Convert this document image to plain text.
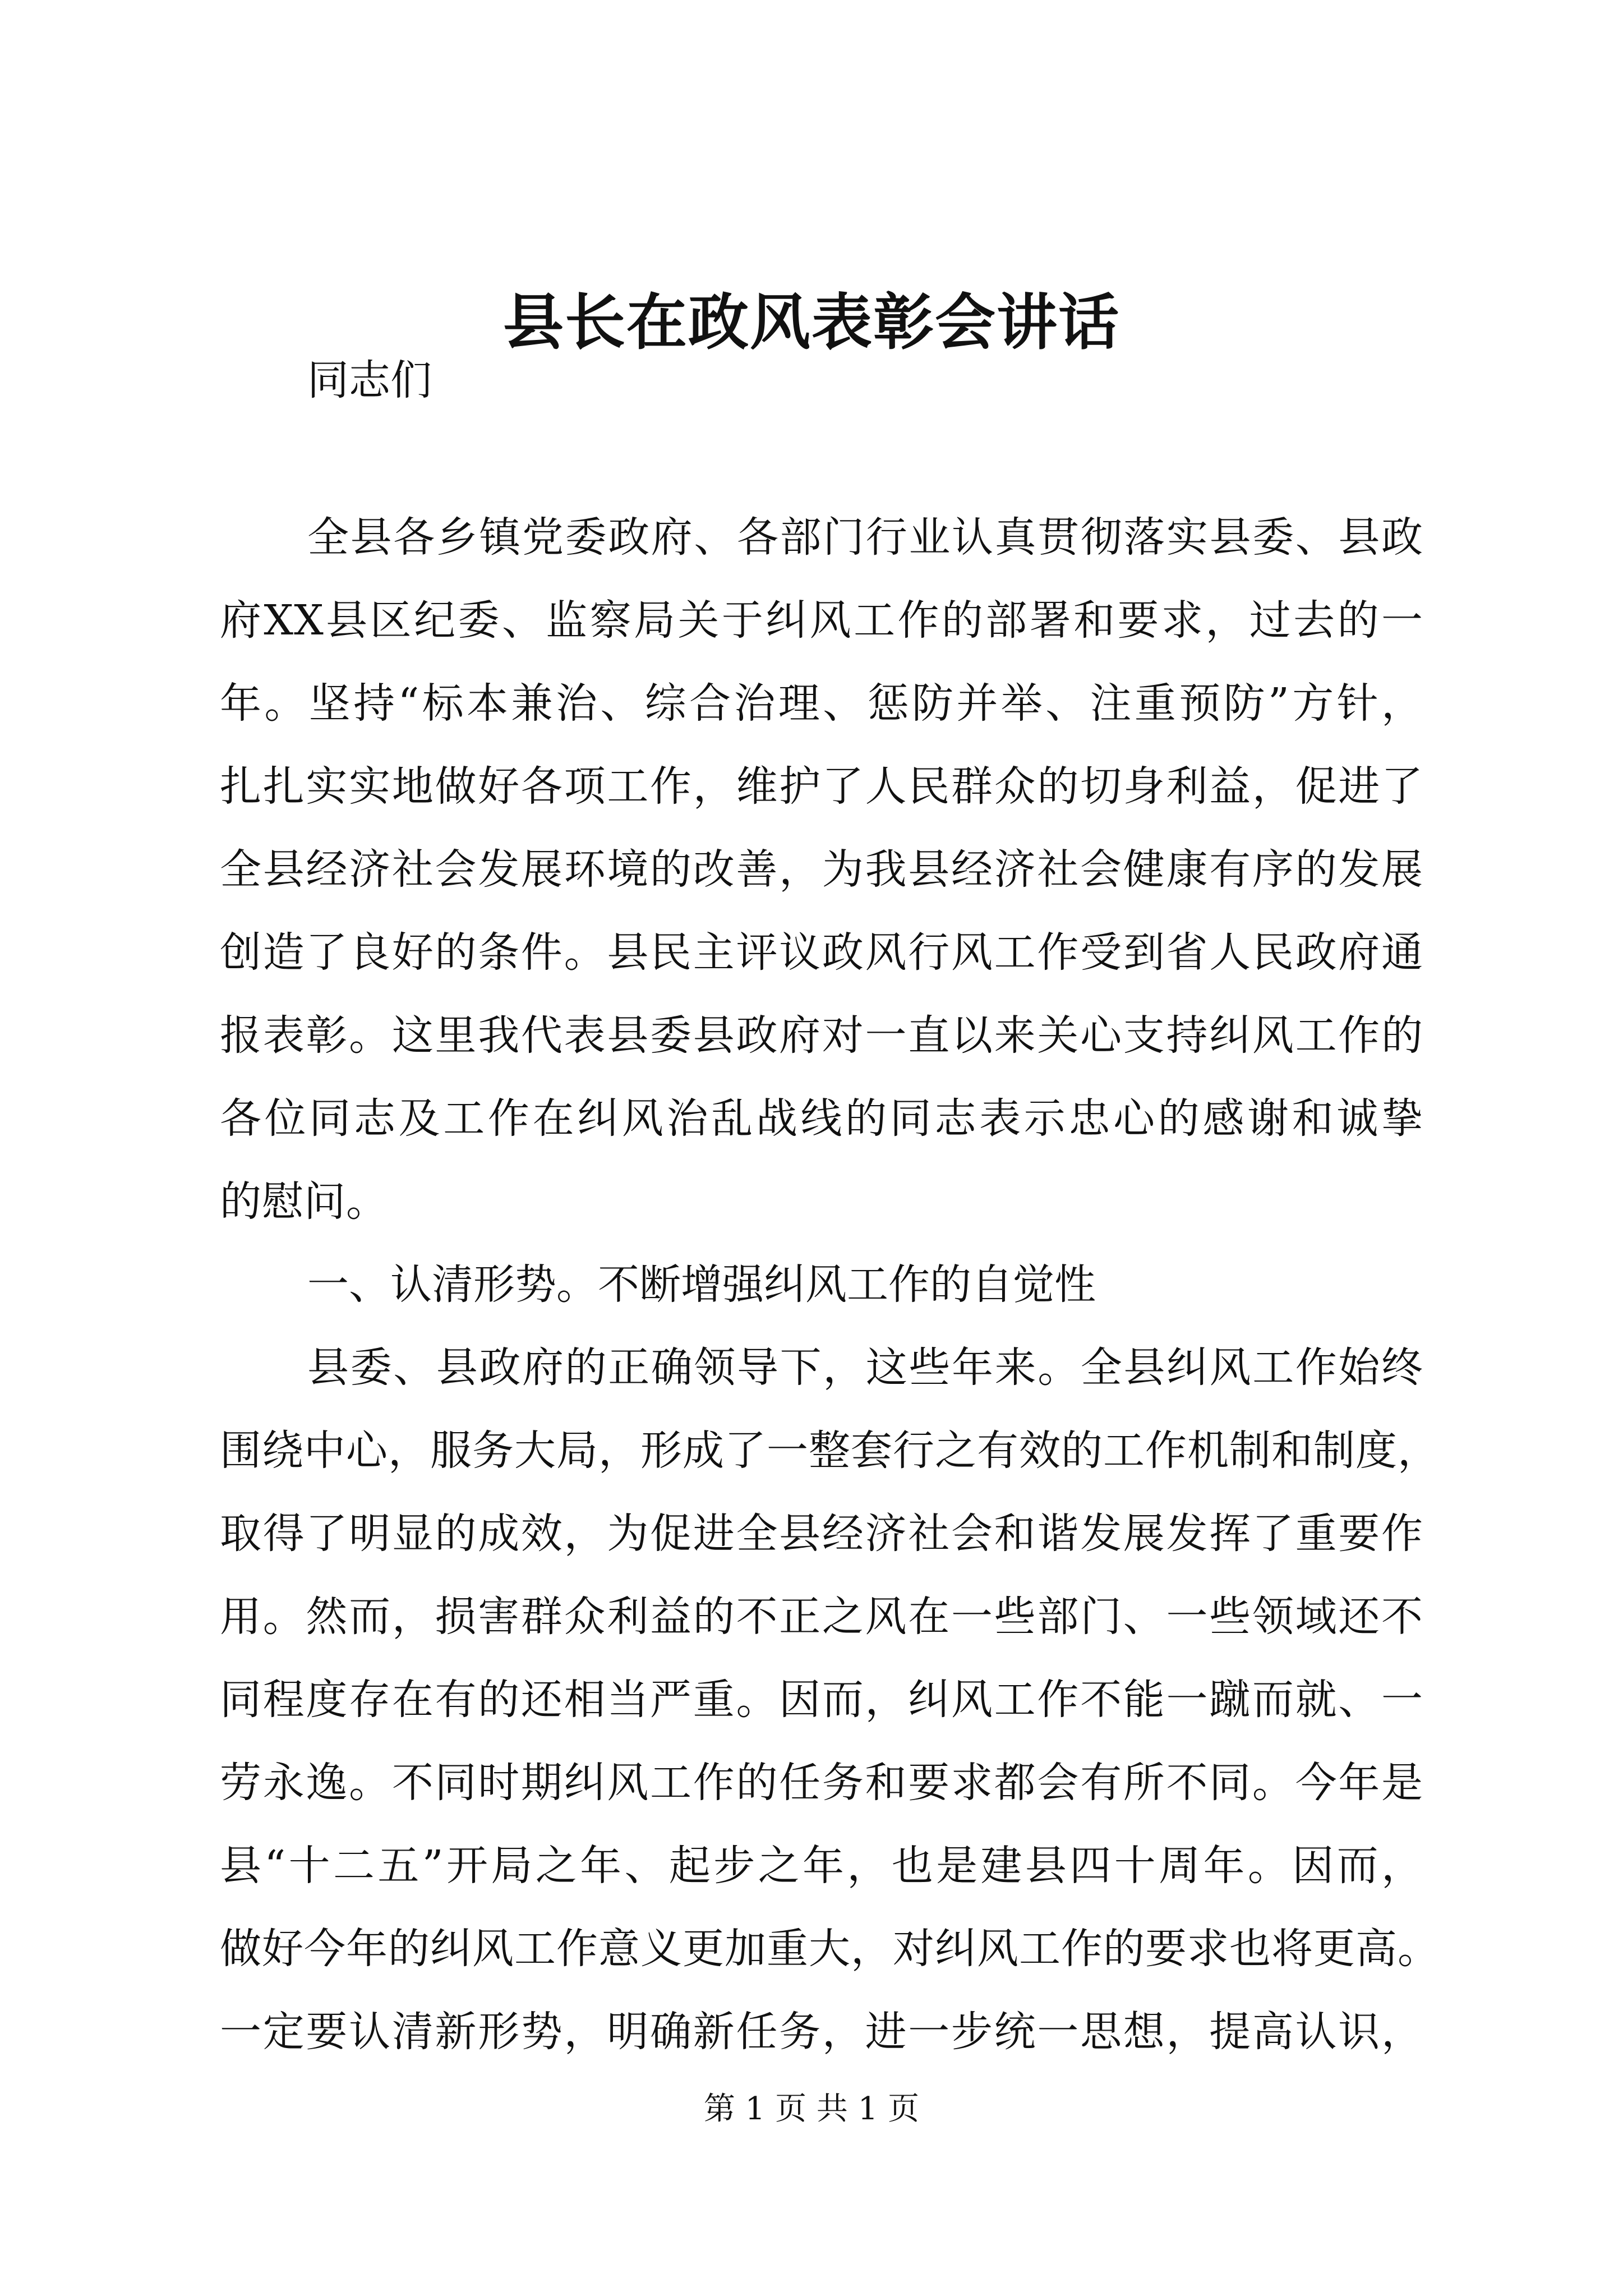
县长在政风表彰会讲话

同志们

全县各乡镇党委政府、各部门行业认真贯彻落实县委、县政

府XX县区纪委、监察局关于纠风工作的部署和要求，过去的一

年。坚持“标本兼治、综合治理、惩防并举、注重预防”方针，

扎扎实实地做好各项工作，维护了人民群众的切身利益，促进了

全县经济社会发展环境的改善，为我县经济社会健康有序的发展

创造了良好的条件。县民主评议政风行风工作受到省人民政府通

报表彰。这里我代表县委县政府对一直以来关心支持纠风工作的

各位同志及工作在纠风治乱战线的同志表示忠心的感谢和诚挚

的慰问。

一、认清形势。不断增强纠风工作的自觉性

县委、县政府的正确领导下，这些年来。全县纠风工作始终

围绕中心，服务大局，形成了一整套行之有效的工作机制和制度，

取得了明显的成效，为促进全县经济社会和谐发展发挥了重要作

用。然而，损害群众利益的不正之风在一些部门、一些领域还不

同程度存在有的还相当严重。因而，纠风工作不能一蹴而就、一

劳永逸。不同时期纠风工作的任务和要求都会有所不同。今年是

县“十二五”开局之年、起步之年，也是建县四十周年。因而，

做好今年的纠风工作意义更加重大，对纠风工作的要求也将更高。

一定要认清新形势，明确新任务，进一步统一思想，提高认识，

第 1 页 共 1 页
